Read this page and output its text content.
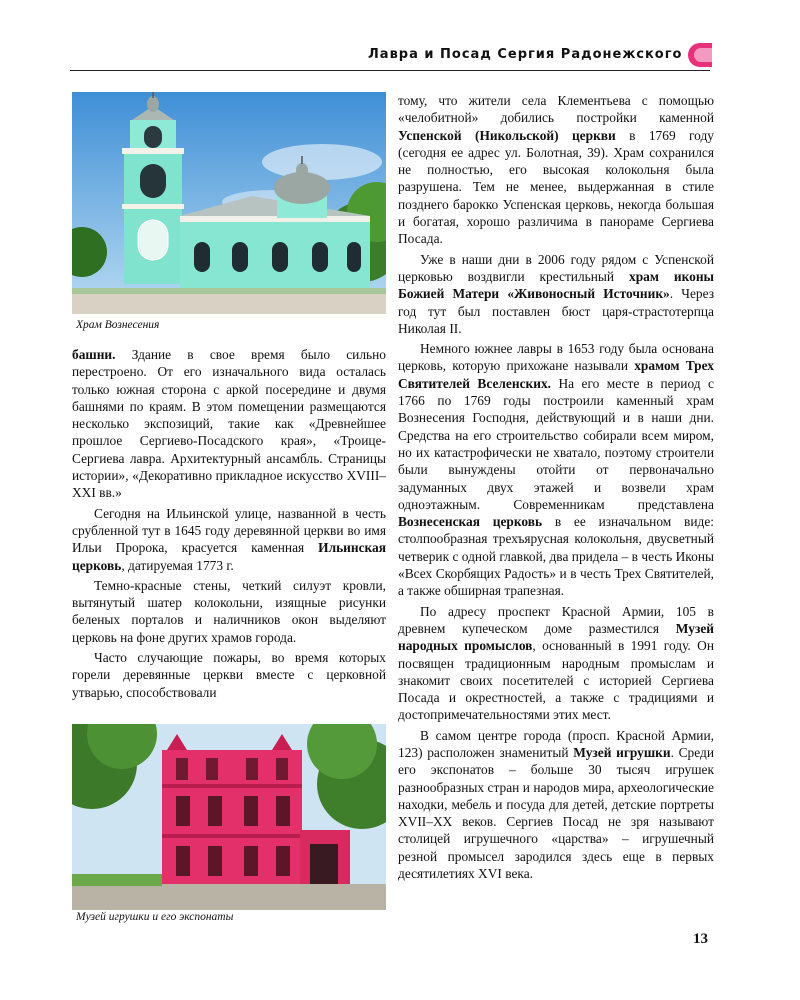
Лавра и Посад Сергия Радонежского
Храм Вознесения

башни. Здание в свое время было сильно перестроено. От его изначального вида осталась только южная сторона с аркой посередине и двумя башнями по краям. В этом помещении размещаются несколько экспозиций, такие как «Древнейшее прошлое Сергиево-Посадского края», «Троице-Сергиева лавра. Архитектурный ансамбль. Страницы истории», «Декоративно прикладное искусство XVIII–XXI вв.»

Сегодня на Ильинской улице, названной в честь срубленной тут в 1645 году деревянной церкви во имя Ильи Пророка, красуется каменная Ильинская церковь, датируемая 1773 г.

Темно-красные стены, четкий силуэт кровли, вытянутый шатер колокольни, изящные рисунки беленых порталов и наличников окон выделяют церковь на фоне других храмов города.

Часто случающие пожары, во время которых горели деревянные церкви вместе с церковной утварью, способствовали

Музей игрушки и его экспонаты

тому, что жители села Клементьева с помощью «челобитной» добились постройки каменной Успенской (Никольской) церкви в 1769 году (сегодня ее адрес ул. Болотная, 39). Храм сохранился не полностью, его высокая колокольня была разрушена. Тем не менее, выдержанная в стиле позднего барокко Успенская церковь, некогда большая и богатая, хорошо различима в панораме Сергиева Посада.

Уже в наши дни в 2006 году рядом с Успенской церковью воздвигли крестильный храм иконы Божией Матери «Живоносный Источник». Через год тут был поставлен бюст царя-страстотерпца Николая II.

Немного южнее лавры в 1653 году была основана церковь, которую прихожане называли храмом Трех Святителей Вселенских. На его месте в период с 1766 по 1769 годы построили каменный храм Вознесения Господня, действующий и в наши дни. Средства на его строительство собирали всем миром, но их катастрофически не хватало, поэтому строители были вынуждены отойти от первоначально задуманных двух этажей и возвели храм одноэтажным. Современникам представлена Вознесенская церковь в ее изначальном виде: столпообразная трехъярусная колокольня, двусветный четверик с одной главкой, два придела – в честь Иконы «Всех Скорбящих Радость» и в честь Трех Святителей, а также обширная трапезная.

По адресу проспект Красной Армии, 105 в древнем купеческом доме разместился Музей народных промыслов, основанный в 1991 году. Он посвящен традиционным народным промыслам и знакомит своих посетителей с историей Сергиева Посада и окрестностей, а также с традициями и достопримечательностями этих мест.

В самом центре города (просп. Красной Армии, 123) расположен знаменитый Музей игрушки. Среди его экспонатов – больше 30 тысяч игрушек разнообразных стран и народов мира, археологические находки, мебель и посуда для детей, детские портреты XVII–XX веков. Сергиев Посад не зря называют столицей игрушечного «царства» – игрушечный резной промысел зародился здесь еще в первых десятилетиях XVI века.

13
